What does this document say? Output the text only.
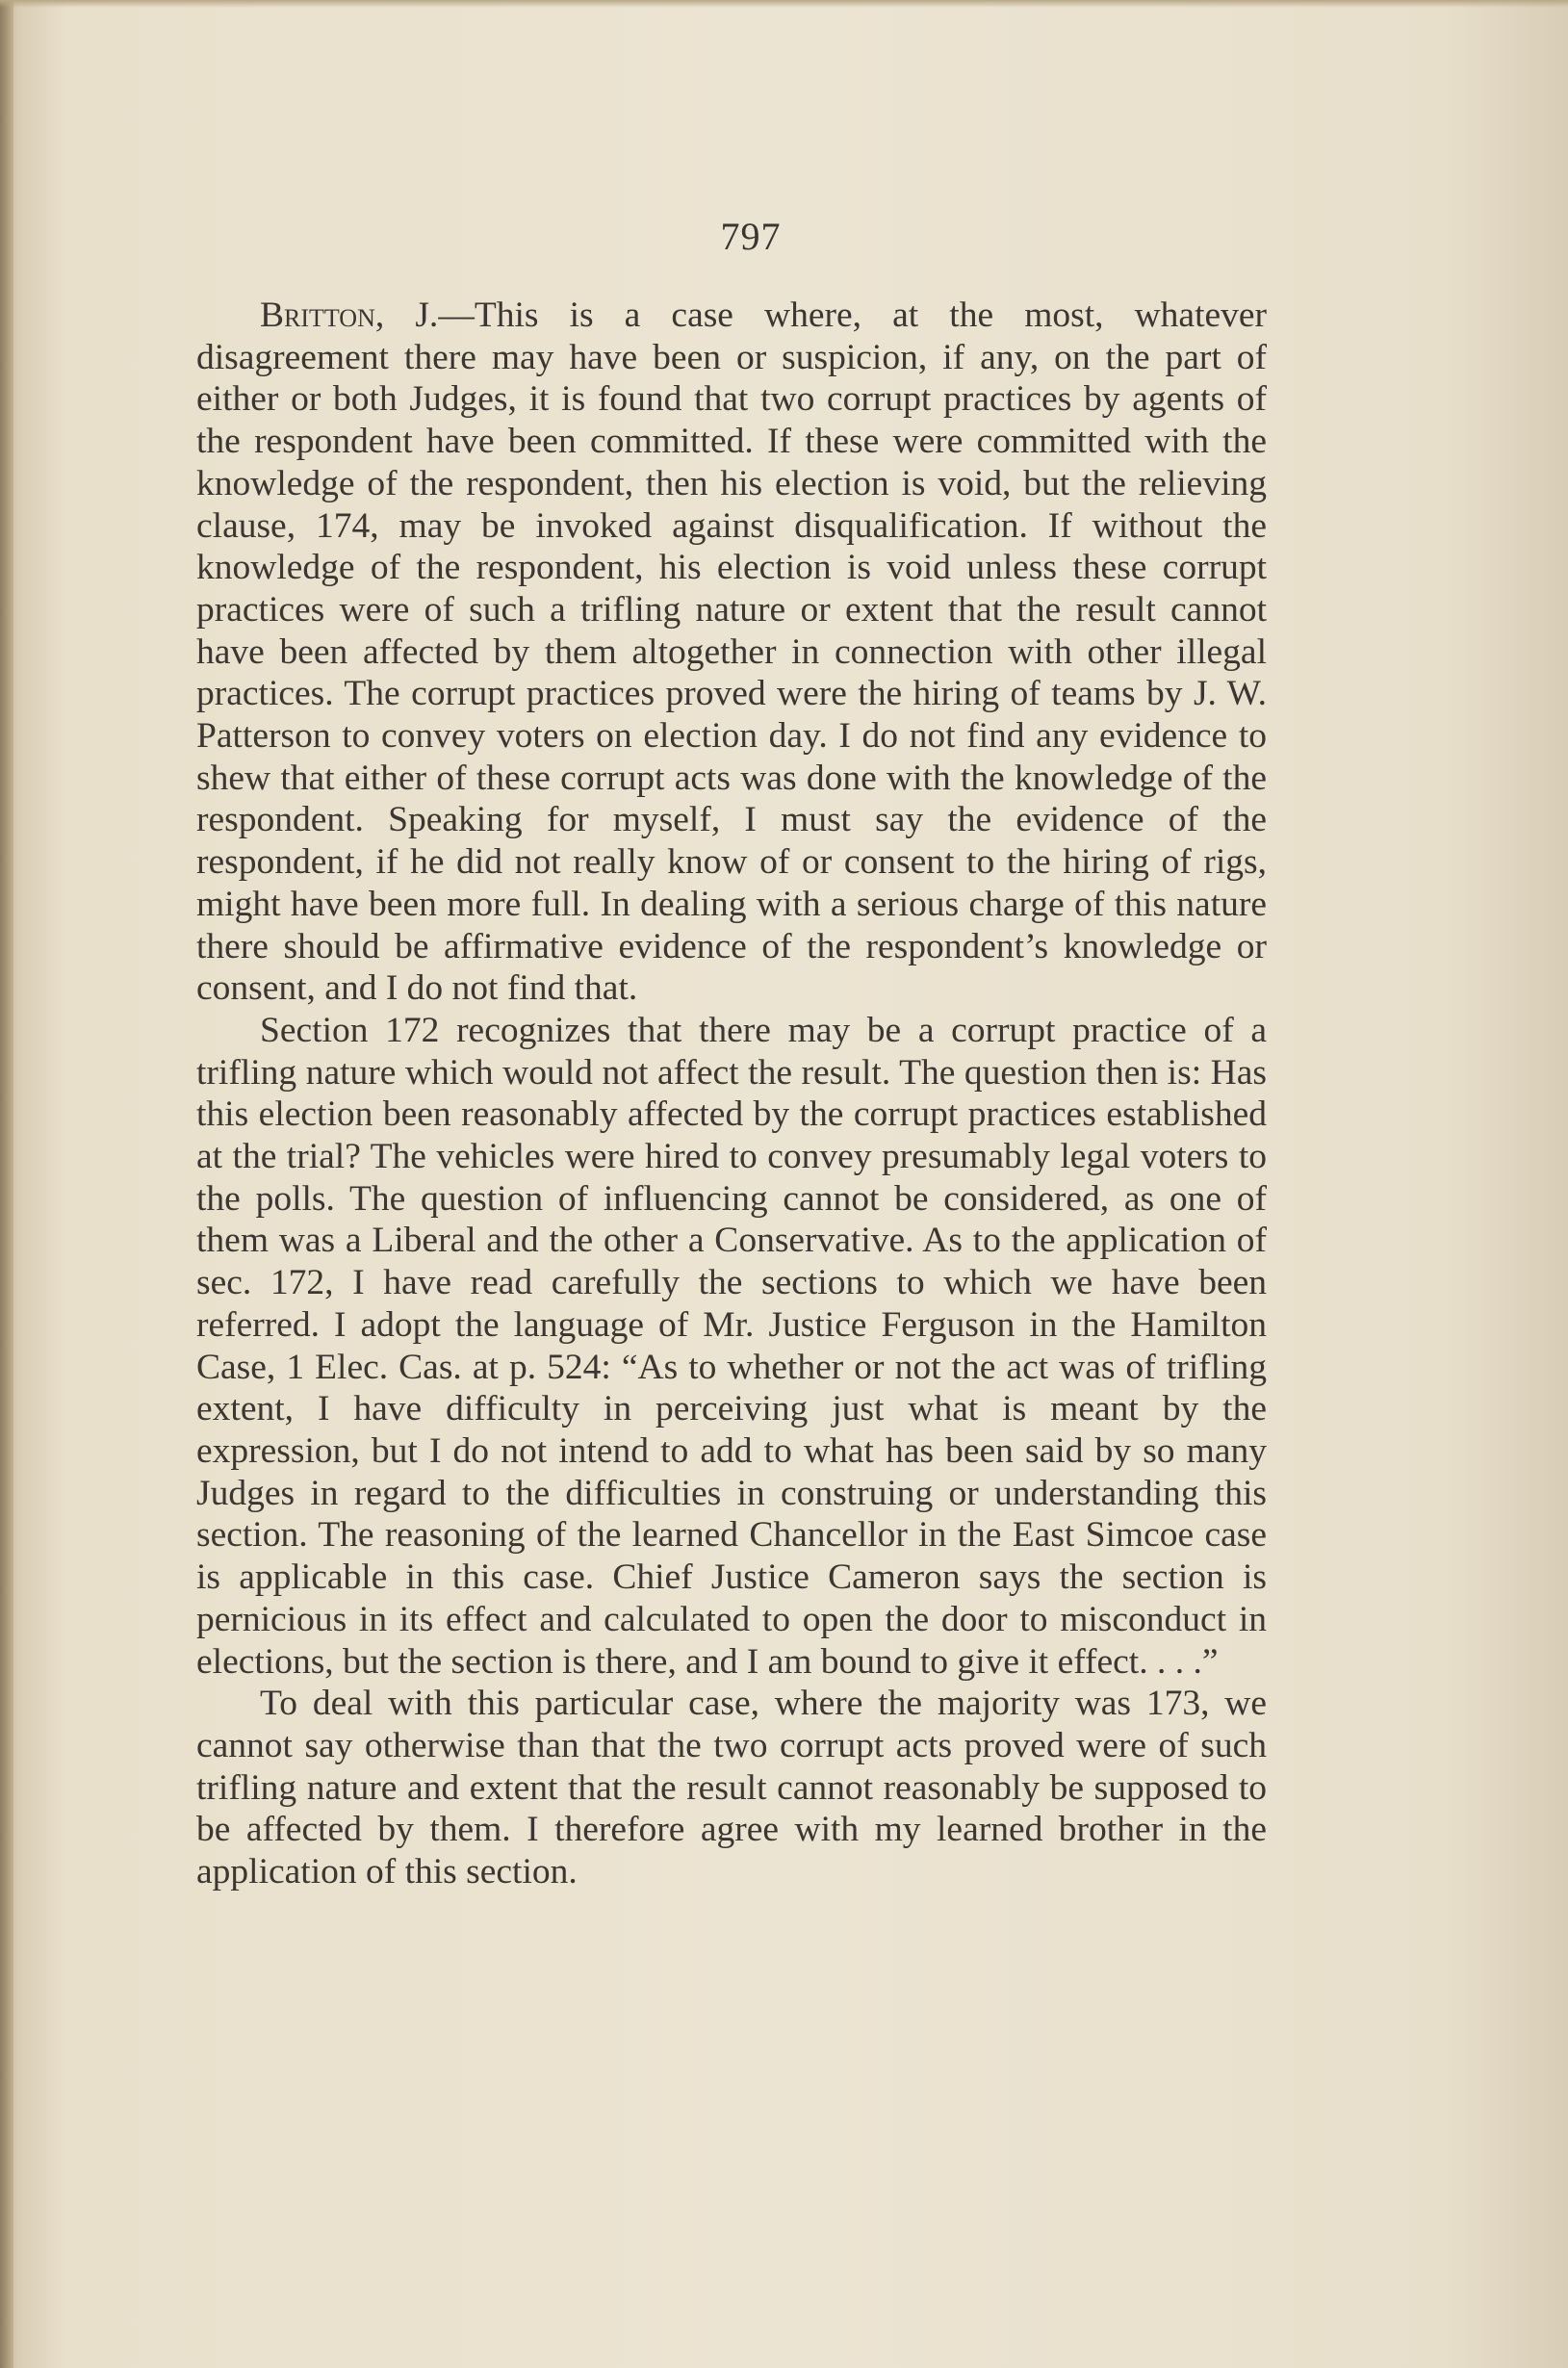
797

Britton, J.—This is a case where, at the most, whatever disagreement there may have been or suspicion, if any, on the part of either or both Judges, it is found that two corrupt practices by agents of the respondent have been committed. If these were committed with the knowledge of the respondent, then his election is void, but the relieving clause, 174, may be invoked against disqualification. If without the knowledge of the respondent, his election is void unless these corrupt practices were of such a trifling nature or extent that the result cannot have been affected by them altogether in connection with other illegal practices. The corrupt practices proved were the hiring of teams by J. W. Patterson to convey voters on election day. I do not find any evidence to shew that either of these corrupt acts was done with the knowledge of the respondent. Speaking for myself, I must say the evidence of the respondent, if he did not really know of or consent to the hiring of rigs, might have been more full. In dealing with a serious charge of this nature there should be affirmative evidence of the respondent’s knowledge or consent, and I do not find that.

Section 172 recognizes that there may be a corrupt practice of a trifling nature which would not affect the result. The question then is: Has this election been reasonably affected by the corrupt practices established at the trial? The vehicles were hired to convey presumably legal voters to the polls. The question of influencing cannot be considered, as one of them was a Liberal and the other a Conservative. As to the application of sec. 172, I have read carefully the sections to which we have been referred. I adopt the language of Mr. Justice Ferguson in the Hamilton Case, 1 Elec. Cas. at p. 524: “As to whether or not the act was of trifling extent, I have difficulty in perceiving just what is meant by the expression, but I do not intend to add to what has been said by so many Judges in regard to the difficulties in construing or understanding this section. The reasoning of the learned Chancellor in the East Simcoe case is applicable in this case. Chief Justice Cameron says the section is pernicious in its effect and calculated to open the door to misconduct in elections, but the section is there, and I am bound to give it effect. . . .”

To deal with this particular case, where the majority was 173, we cannot say otherwise than that the two corrupt acts proved were of such trifling nature and extent that the result cannot reasonably be supposed to be affected by them. I therefore agree with my learned brother in the application of this section.
